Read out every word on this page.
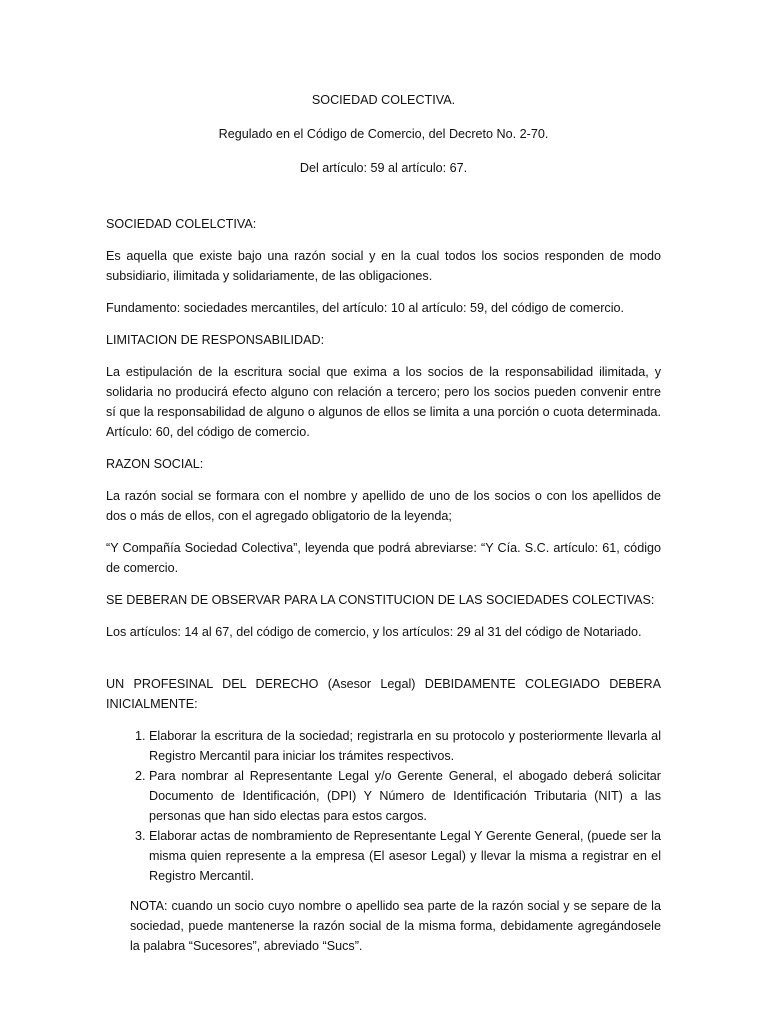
SOCIEDAD COLECTIVA.

Regulado en el Código de Comercio, del Decreto No. 2-70.

Del artículo: 59 al artículo: 67.

SOCIEDAD COLELCTIVA:

Es aquella que existe bajo una razón social y en la cual todos los socios responden de modo subsidiario, ilimitada y solidariamente, de las obligaciones.

Fundamento: sociedades mercantiles, del artículo: 10 al artículo: 59, del código de comercio.

LIMITACION DE RESPONSABILIDAD:

La estipulación de la escritura social que exima a los socios de la responsabilidad ilimitada, y solidaria no producirá efecto alguno con relación a tercero; pero los socios pueden convenir entre sí que la responsabilidad de alguno o algunos de ellos se limita a una porción o cuota determinada. Artículo: 60, del código de comercio.

RAZON SOCIAL:

La razón social se formara con el nombre y apellido de uno de los socios o con los apellidos de dos o más de ellos, con el agregado obligatorio de la leyenda;

“Y Compañía Sociedad Colectiva”, leyenda que podrá abreviarse: “Y Cía. S.C. artículo: 61, código de comercio.

SE DEBERAN DE OBSERVAR PARA LA CONSTITUCION DE LAS SOCIEDADES COLECTIVAS:

Los artículos: 14 al 67, del código de comercio, y los artículos: 29 al 31 del código de Notariado.

UN PROFESINAL DEL DERECHO (Asesor Legal) DEBIDAMENTE COLEGIADO DEBERA INICIALMENTE:

1. Elaborar la escritura de la sociedad; registrarla en su protocolo y posteriormente llevarla al Registro Mercantil para iniciar los trámites respectivos.
2. Para nombrar al Representante Legal y/o Gerente General, el abogado deberá solicitar Documento de Identificación, (DPI) Y Número de Identificación Tributaria (NIT) a las personas que han sido electas para estos cargos.
3. Elaborar actas de nombramiento de Representante Legal Y Gerente General, (puede ser la misma quien represente a la empresa (El asesor Legal) y llevar la misma a registrar en el Registro Mercantil.

NOTA: cuando un socio cuyo nombre o apellido sea parte de la razón social y se separe de la sociedad, puede mantenerse la razón social de la misma forma, debidamente agregándosele la palabra “Sucesores”, abreviado “Sucs”.
